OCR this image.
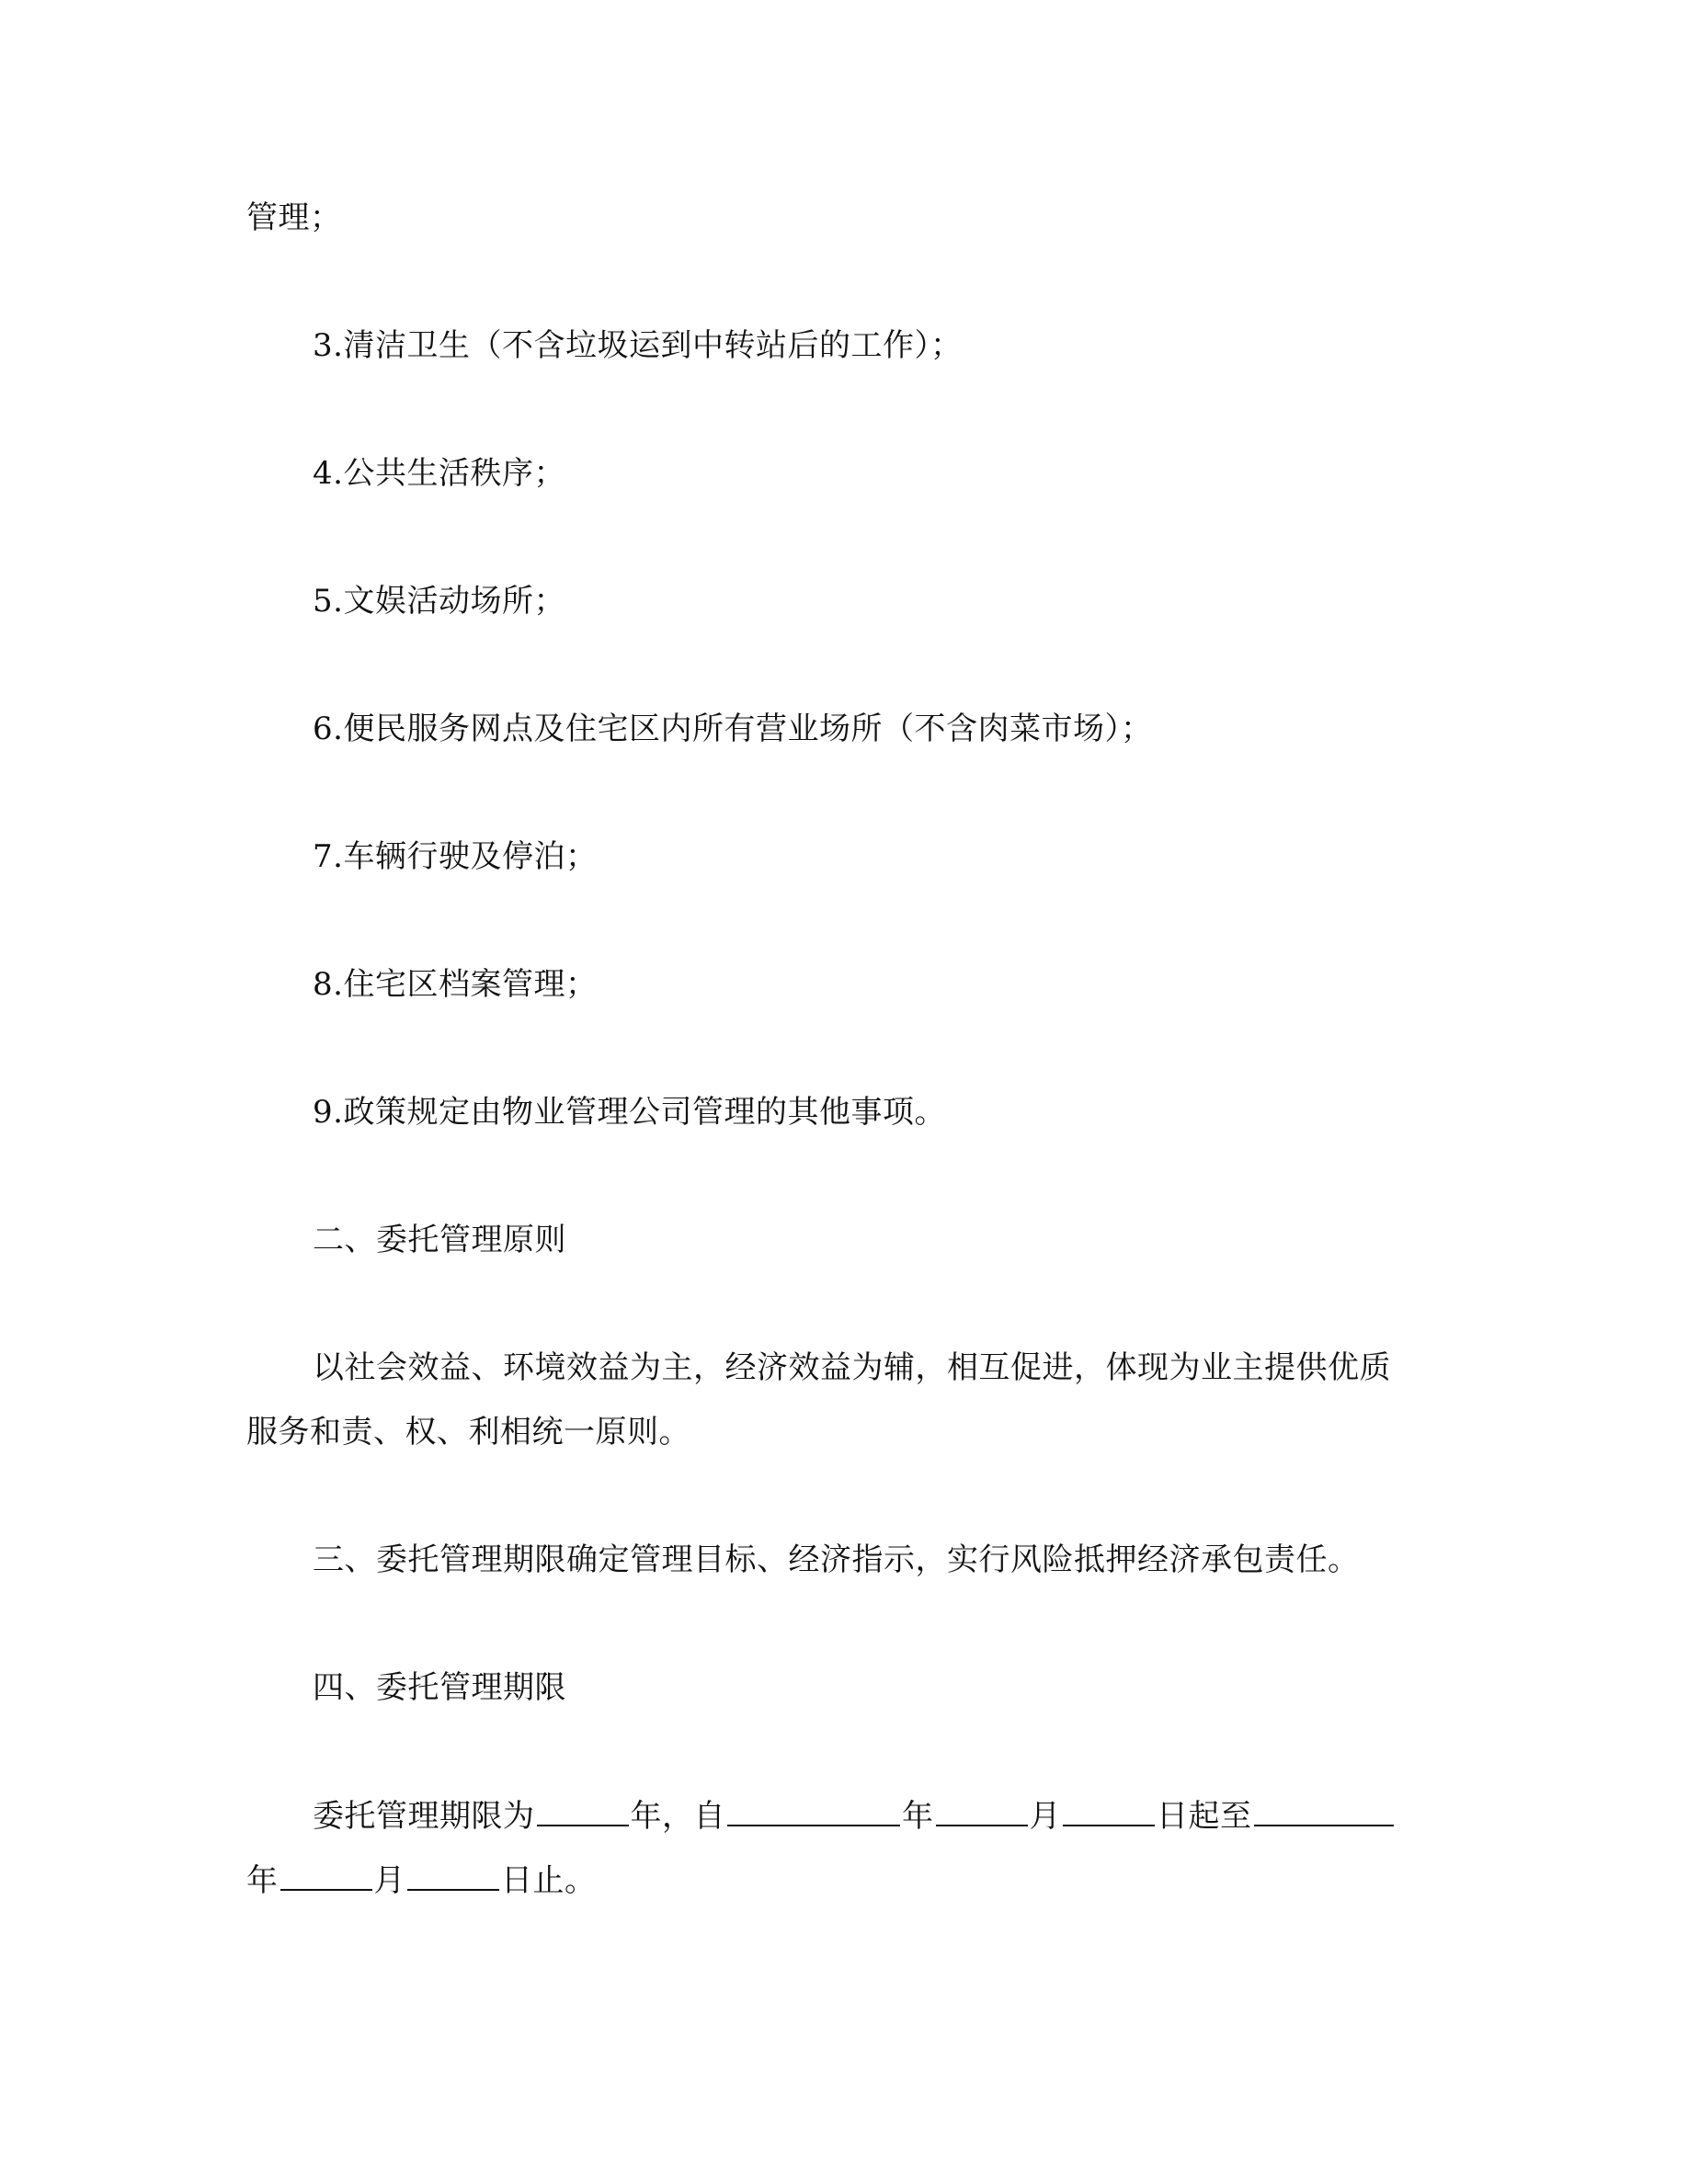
管理；
3.清洁卫生（不含垃圾运到中转站后的工作）；
4.公共生活秩序；
5.文娱活动场所；
6.便民服务网点及住宅区内所有营业场所（不含肉菜市场）；
7.车辆行驶及停泊；
8.住宅区档案管理；
9.政策规定由物业管理公司管理的其他事项。
二、委托管理原则
以社会效益、环境效益为主，经济效益为辅，相互促进，体现为业主提供优质
服务和责、权、利相统一原则。
三、委托管理期限确定管理目标、经济指示，实行风险抵押经济承包责任。
四、委托管理期限
委托管理期限为	年，自	年	月	日起至
年	月	日止。
